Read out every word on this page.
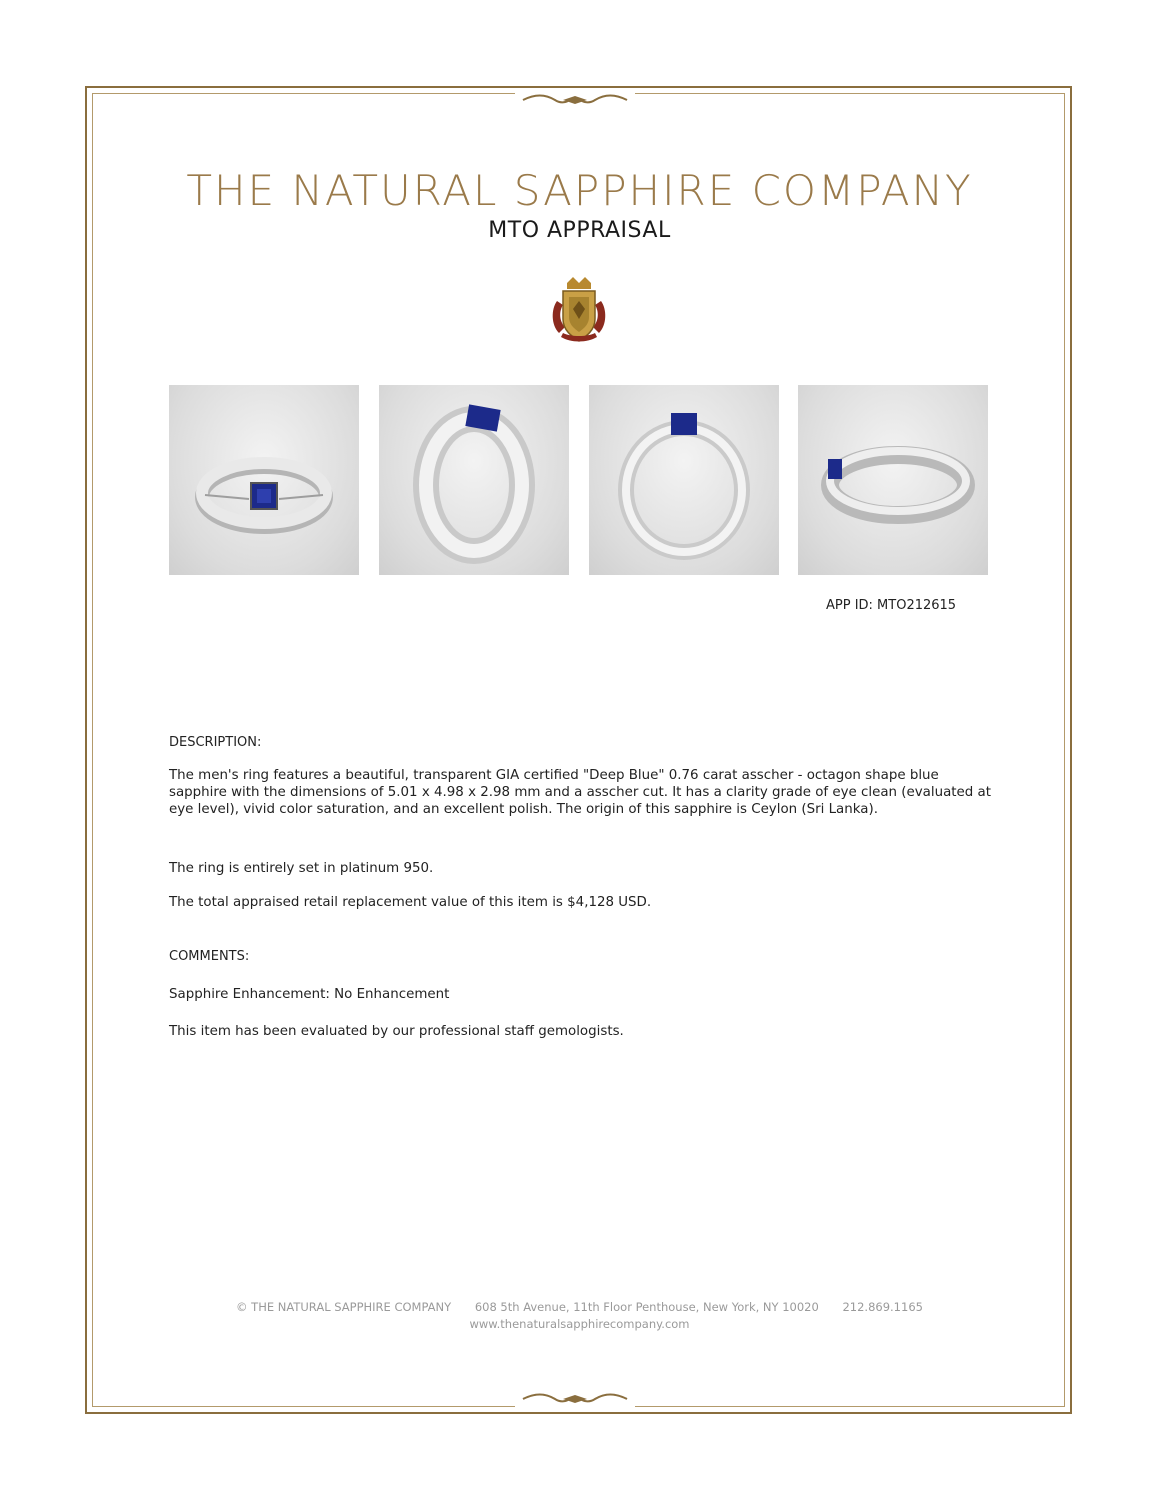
THE NATURAL SAPPHIRE COMPANY
MTO APPRAISAL
APP ID: MTO212615
DESCRIPTION:

The men's ring features a beautiful, transparent GIA certified "Deep Blue" 0.76 carat asscher - octagon shape blue sapphire with the dimensions of 5.01 x 4.98 x 2.98 mm and a asscher cut. It has a clarity grade of eye clean (evaluated at eye level), vivid color saturation, and an excellent polish. The origin of this sapphire is Ceylon (Sri Lanka).

The ring is entirely set in platinum 950.

The total appraised retail replacement value of this item is $4,128 USD.

COMMENTS:

Sapphire Enhancement: No Enhancement

This item has been evaluated by our professional staff gemologists.

© THE NATURAL SAPPHIRE COMPANY 608 5th Avenue, 11th Floor Penthouse, New York, NY 10020 212.869.1165
www.thenaturalsapphirecompany.com
